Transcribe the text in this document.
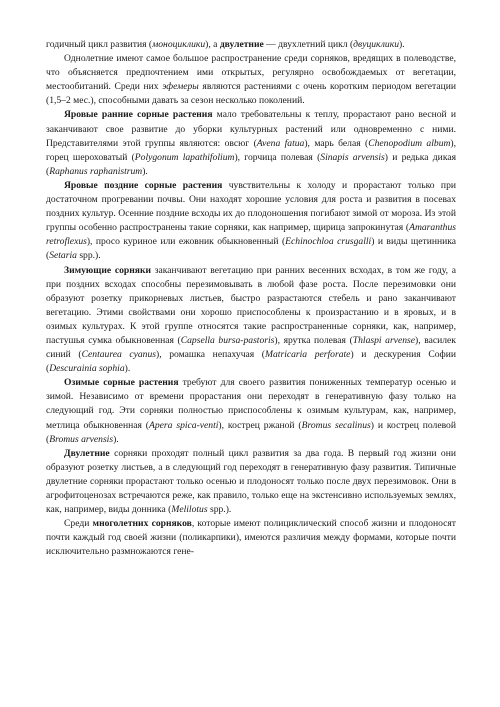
годичный цикл развития (моноциклики), а двулетние — двухлетний цикл (двуциклики).

Однолетние имеют самое большое распространение среди сорняков, вредящих в полеводстве, что объясняется предпочтением ими открытых, регулярно освобождаемых от вегетации, местообитаний. Среди них эфемеры являются растениями с очень коротким периодом вегетации (1,5–2 мес.), способными давать за сезон несколько поколений.

Яровые ранние сорные растения мало требовательны к теплу, прорастают рано весной и заканчивают свое развитие до уборки культурных растений или одновременно с ними. Представителями этой группы являются: овсюг (Avena fatua), марь белая (Chenopodium album), горец шероховатый (Polygonum lapathifolium), горчица полевая (Sinapis arvensis) и редька дикая (Raphanus raphanistrum).

Яровые поздние сорные растения чувствительны к холоду и прорастают только при достаточном прогревании почвы. Они находят хорошие условия для роста и развития в посевах поздних культур. Осенние поздние всходы их до плодоношения погибают зимой от мороза. Из этой группы особенно распространены такие сорняки, как например, щирица запрокинутая (Amaranthus retroflexus), просо куриное или ежовник обыкновенный (Echinochloa crusgalli) и виды щетинника (Setaria spp.).

Зимующие сорняки заканчивают вегетацию при ранних весенних всходах, в том же году, а при поздних всходах способны перезимовывать в любой фазе роста. После перезимовки они образуют розетку прикорневых листьев, быстро разрастаются стебель и рано заканчивают вегетацию. Этими свойствами они хорошо приспособлены к произрастанию и в яровых, и в озимых культурах. К этой группе относятся такие распространенные сорняки, как, например, пастушья сумка обыкновенная (Capsella bursa-pastoris), ярутка полевая (Thlaspi arvense), василек синий (Centaurea cyanus), ромашка непахучая (Matricaria perforate) и дескурения Софии (Descurainia sophia).

Озимые сорные растения требуют для своего развития пониженных температур осенью и зимой. Независимо от времени прорастания они переходят в генеративную фазу только на следующий год. Эти сорняки полностью приспособлены к озимым культурам, как, например, метлица обыкновенная (Apera spica-venti), кострец ржаной (Bromus secalinus) и кострец полевой (Bromus arvensis).

Двулетние сорняки проходят полный цикл развития за два года. В первый год жизни они образуют розетку листьев, а в следующий год переходят в генеративную фазу развития. Типичные двулетние сорняки прорастают только осенью и плодоносят только после двух перезимовок. Они в агрофитоценозах встречаются реже, как правило, только еще на экстенсивно используемых землях, как, например, виды донника (Melilotus spp.).

Среди многолетних сорняков, которые имеют полициклический способ жизни и плодоносят почти каждый год своей жизни (поликарпики), имеются различия между формами, которые почти исключительно размножаются гене-
